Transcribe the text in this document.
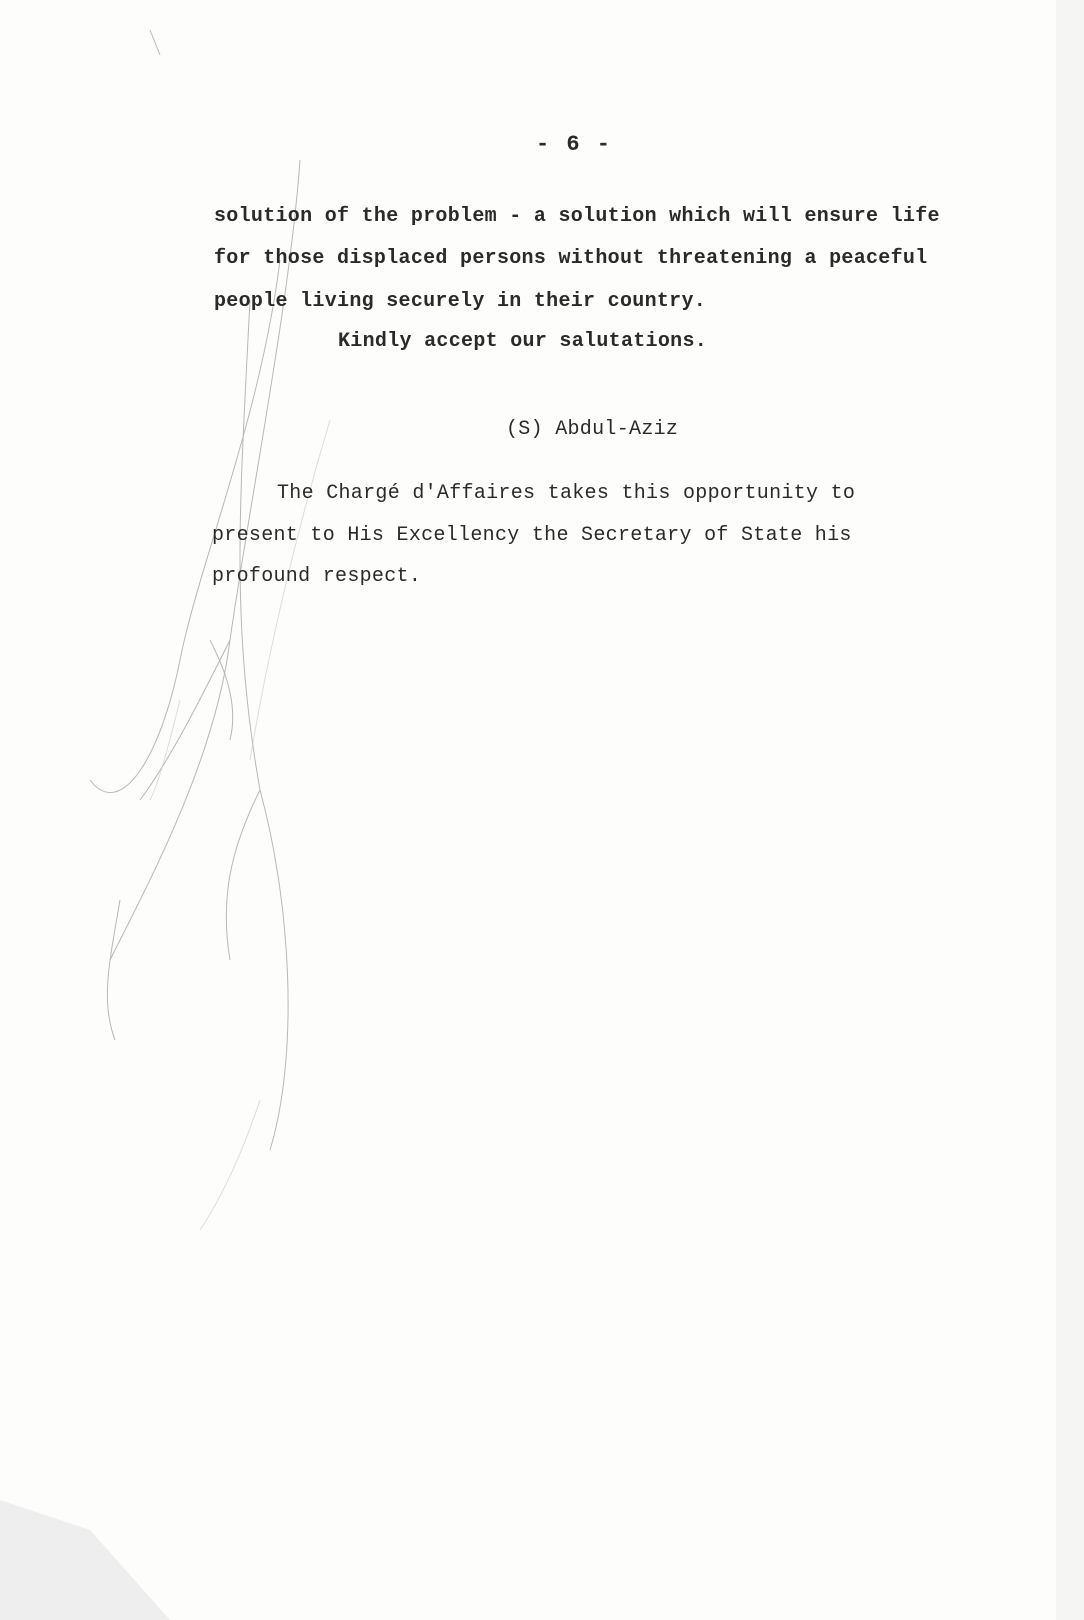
- 6 -
solution of the problem - a solution which will ensure life
for those displaced persons without threatening a peaceful
people living securely in their country.
Kindly accept our salutations.
(S) Abdul-Aziz
The Chargé d'Affaires takes this opportunity to
present to His Excellency the Secretary of State his
profound respect.
